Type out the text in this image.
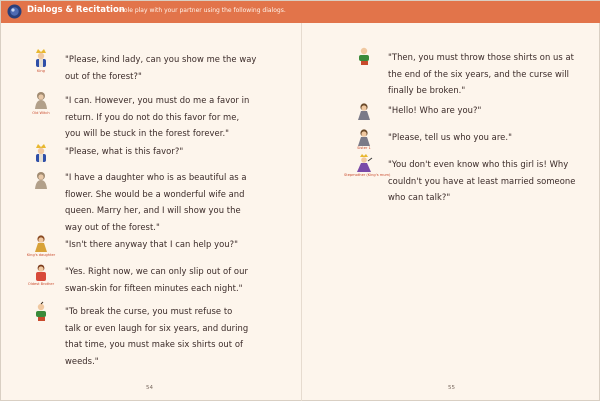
Dialogs & Recitation
Role play with your partner using the following dialogs.
King
"Please, kind lady, can you show me the way
out of the forest?"
Old Witch
"I can. However, you must do me a favor in
return. If you do not do this favor for me,
you will be stuck in the forest forever."
"Please, what is this favor?"
"I have a daughter who is as beautiful as a
flower. She would be a wonderful wife and
queen. Marry her, and I will show you the
way out of the forest."
King's daughter
"Isn't there anyway that I can help you?"
Oldest Brother
"Yes. Right now, we can only slip out of our
swan-skin for fifteen minutes each night."
"To break the curse, you must refuse to
talk or even laugh for six years, and during
that time, you must make six shirts out of
weeds."
54
"Then, you must throw those shirts on us at
the end of the six years, and the curse will
finally be broken."
"Hello! Who are you?"
Sister 1
"Please, tell us who you are."
Stepmother (King's mum)
"You don't even know who this girl is! Why
couldn't you have at least married someone
who can talk?"
55
